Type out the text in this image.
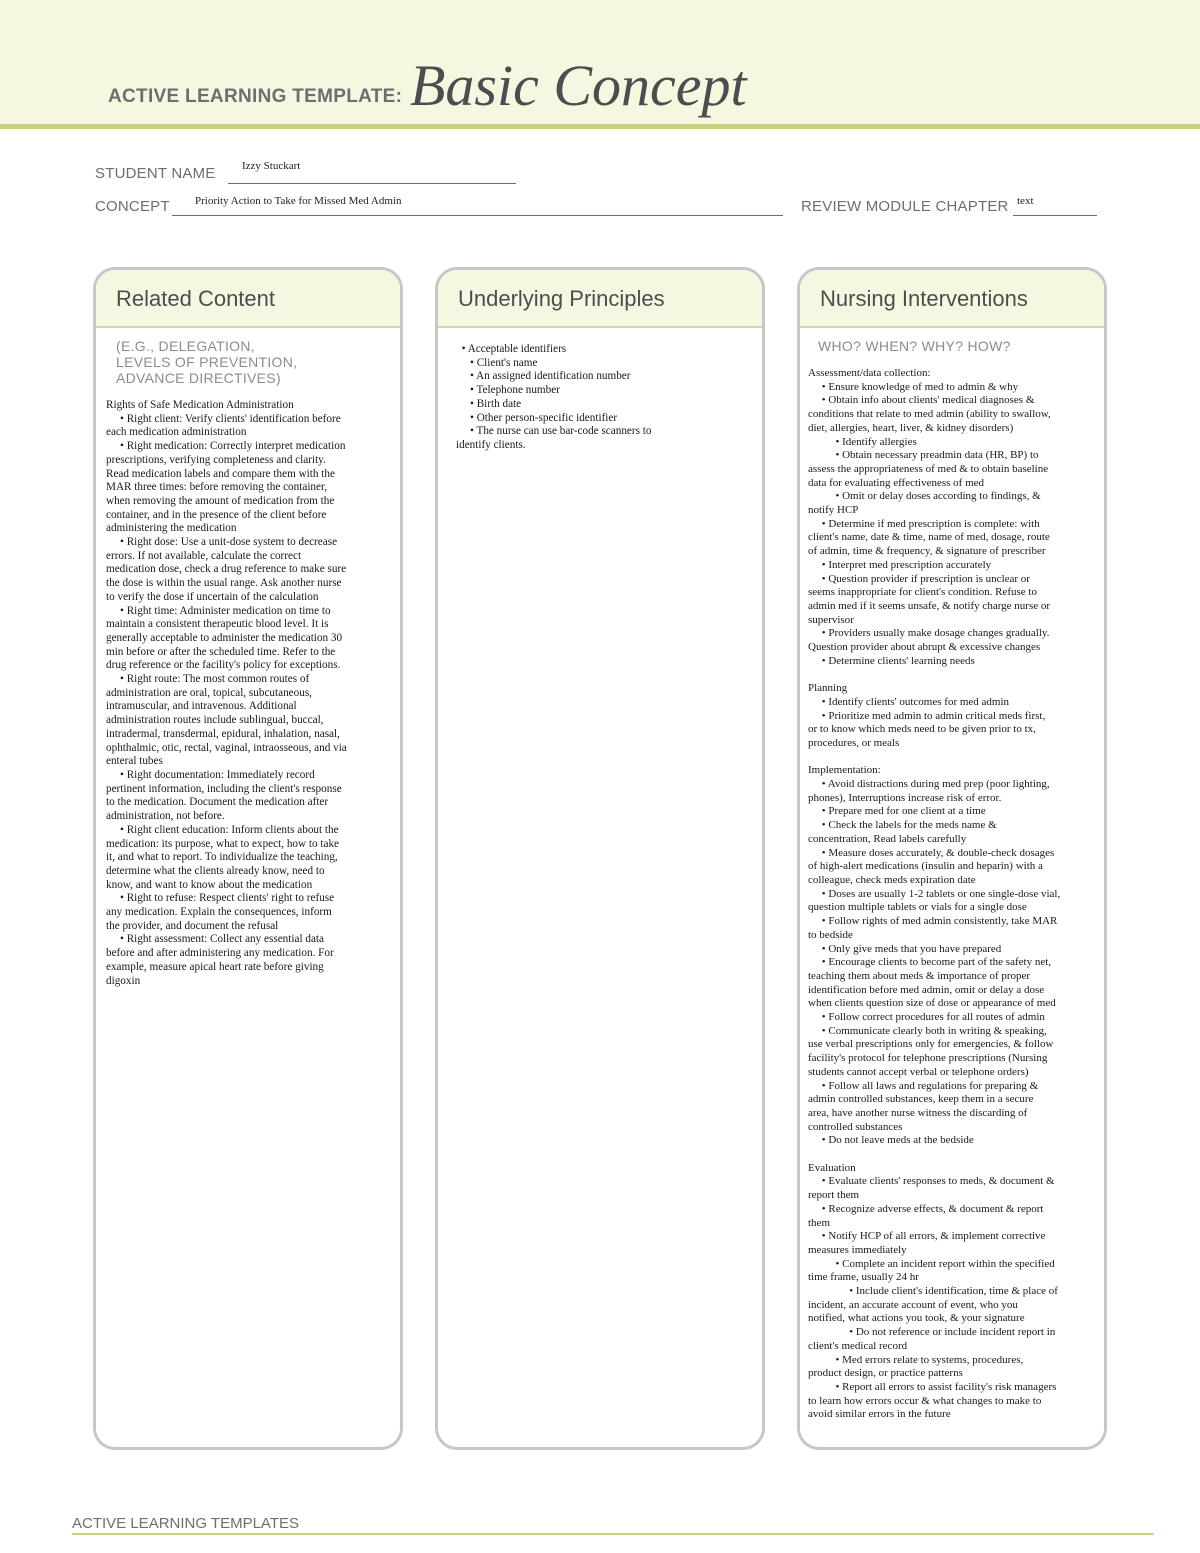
ACTIVE LEARNING TEMPLATE: Basic Concept
STUDENT NAME Izzy Stuckart
CONCEPT Priority Action to Take for Missed Med Admin	REVIEW MODULE CHAPTER text
Related Content
(E.G., DELEGATION,
LEVELS OF PREVENTION,
ADVANCE DIRECTIVES)
Rights of Safe Medication Administration
• Right client: Verify clients' identification before
each medication administration
• Right medication: Correctly interpret medication
prescriptions, verifying completeness and clarity.
Read medication labels and compare them with the
MAR three times: before removing the container,
when removing the amount of medication from the
container, and in the presence of the client before
administering the medication
• Right dose: Use a unit-dose system to decrease
errors. If not available, calculate the correct
medication dose, check a drug reference to make sure
the dose is within the usual range. Ask another nurse
to verify the dose if uncertain of the calculation
• Right time: Administer medication on time to
maintain a consistent therapeutic blood level. It is
generally acceptable to administer the medication 30
min before or after the scheduled time. Refer to the
drug reference or the facility's policy for exceptions.
• Right route: The most common routes of
administration are oral, topical, subcutaneous,
intramuscular, and intravenous. Additional
administration routes include sublingual, buccal,
intradermal, transdermal, epidural, inhalation, nasal,
ophthalmic, otic, rectal, vaginal, intraosseous, and via
enteral tubes
• Right documentation: Immediately record
pertinent information, including the client's response
to the medication. Document the medication after
administration, not before.
• Right client education: Inform clients about the
medication: its purpose, what to expect, how to take
it, and what to report. To individualize the teaching,
determine what the clients already know, need to
know, and want to know about the medication
• Right to refuse: Respect clients' right to refuse
any medication. Explain the consequences, inform
the provider, and document the refusal
• Right assessment: Collect any essential data
before and after administering any medication. For
example, measure apical heart rate before giving
digoxin
Underlying Principles
• Acceptable identifiers
• Client's name
• An assigned identification number
• Telephone number
• Birth date
• Other person-specific identifier
• The nurse can use bar-code scanners to
identify clients.
Nursing Interventions
WHO? WHEN? WHY? HOW?
Assessment/data collection:
• Ensure knowledge of med to admin & why
• Obtain info about clients' medical diagnoses &
conditions that relate to med admin (ability to swallow,
diet, allergies, heart, liver, & kidney disorders)
• Identify allergies
• Obtain necessary preadmin data (HR, BP) to
assess the appropriateness of med & to obtain baseline
data for evaluating effectiveness of med
• Omit or delay doses according to findings, &
notify HCP
• Determine if med prescription is complete: with
client's name, date & time, name of med, dosage, route
of admin, time & frequency, & signature of prescriber
• Interpret med prescription accurately
• Question provider if prescription is unclear or
seems inappropriate for client's condition. Refuse to
admin med if it seems unsafe, & notify charge nurse or
supervisor
• Providers usually make dosage changes gradually.
Question provider about abrupt & excessive changes
• Determine clients' learning needs
Planning
• Identify clients' outcomes for med admin
• Prioritize med admin to admin critical meds first,
or to know which meds need to be given prior to tx,
procedures, or meals
Implementation:
• Avoid distractions during med prep (poor lighting,
phones), Interruptions increase risk of error.
• Prepare med for one client at a time
• Check the labels for the meds name &
concentration, Read labels carefully
• Measure doses accurately, & double-check dosages
of high-alert medications (insulin and heparin) with a
colleague, check meds expiration date
• Doses are usually 1-2 tablets or one single-dose vial,
question multiple tablets or vials for a single dose
• Follow rights of med admin consistently, take MAR
to bedside
• Only give meds that you have prepared
• Encourage clients to become part of the safety net,
teaching them about meds & importance of proper
identification before med admin, omit or delay a dose
when clients question size of dose or appearance of med
• Follow correct procedures for all routes of admin
• Communicate clearly both in writing & speaking,
use verbal prescriptions only for emergencies, & follow
facility's protocol for telephone prescriptions (Nursing
students cannot accept verbal or telephone orders)
• Follow all laws and regulations for preparing &
admin controlled substances, keep them in a secure
area, have another nurse witness the discarding of
controlled substances
• Do not leave meds at the bedside
Evaluation
• Evaluate clients' responses to meds, & document &
report them
• Recognize adverse effects, & document & report
them
• Notify HCP of all errors, & implement corrective
measures immediately
• Complete an incident report within the specified
time frame, usually 24 hr
• Include client's identification, time & place of
incident, an accurate account of event, who you
notified, what actions you took, & your signature
• Do not reference or include incident report in
client's medical record
• Med errors relate to systems, procedures,
product design, or practice patterns
• Report all errors to assist facility's risk managers
to learn how errors occur & what changes to make to
avoid similar errors in the future
ACTIVE LEARNING TEMPLATES
